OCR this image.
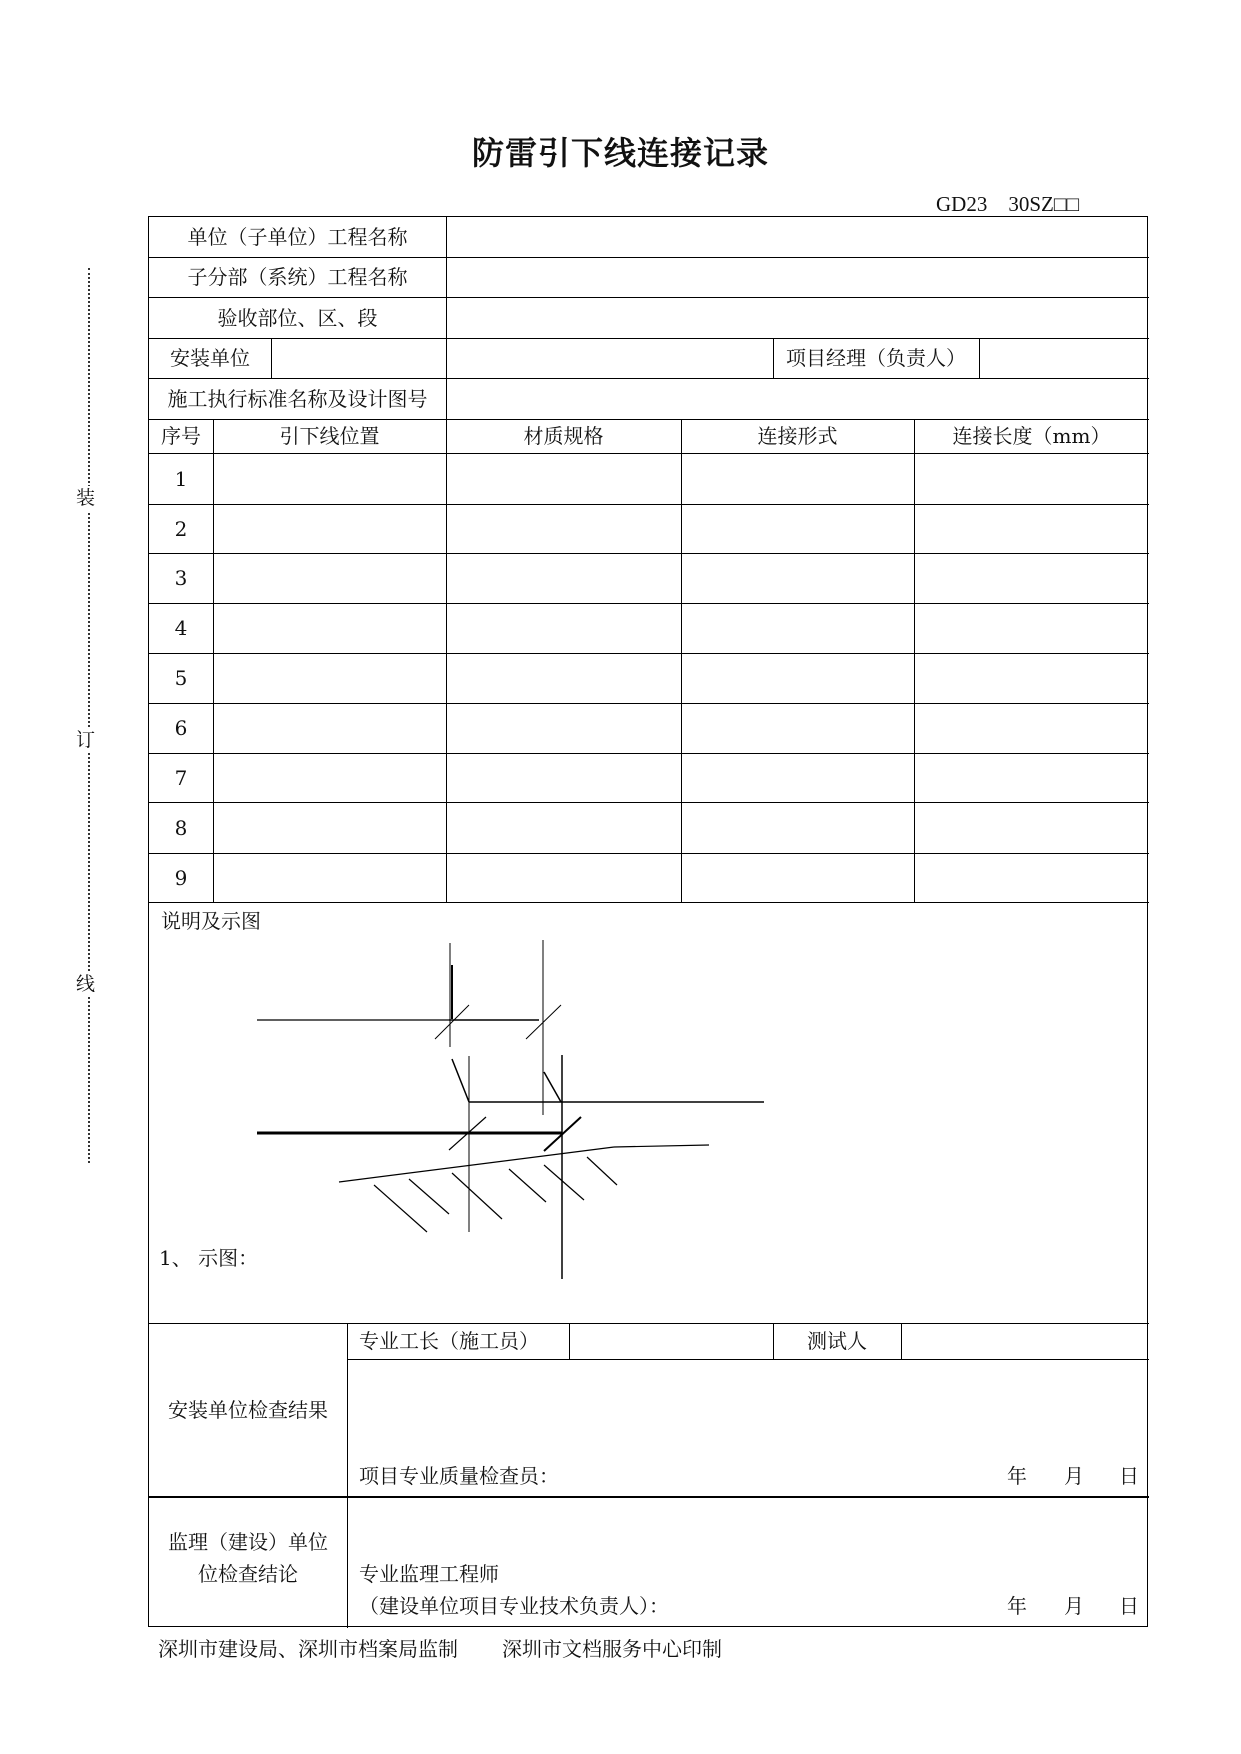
装
订
线
防雷引下线连接记录
GD23　30SZ□□
单位（子单位）工程名称
子分部（系统）工程名称
验收部位、区、段
安装单位	项目经理（负责人）
施工执行标准名称及设计图号
序号	引下线位置	材质规格	连接形式	连接长度（mm）
1
2
3
4
5
6
7
8
9
说明及示图
1、 示图：
安装单位检查结果
专业工长（施工员）	测试人
项目专业质量检查员：	年 月 日
监理（建设）单位
位检查结论	专业监理工程师
（建设单位项目专业技术负责人）：	年 月 日
深圳市建设局、深圳市档案局监制 深圳市文档服务中心印制
